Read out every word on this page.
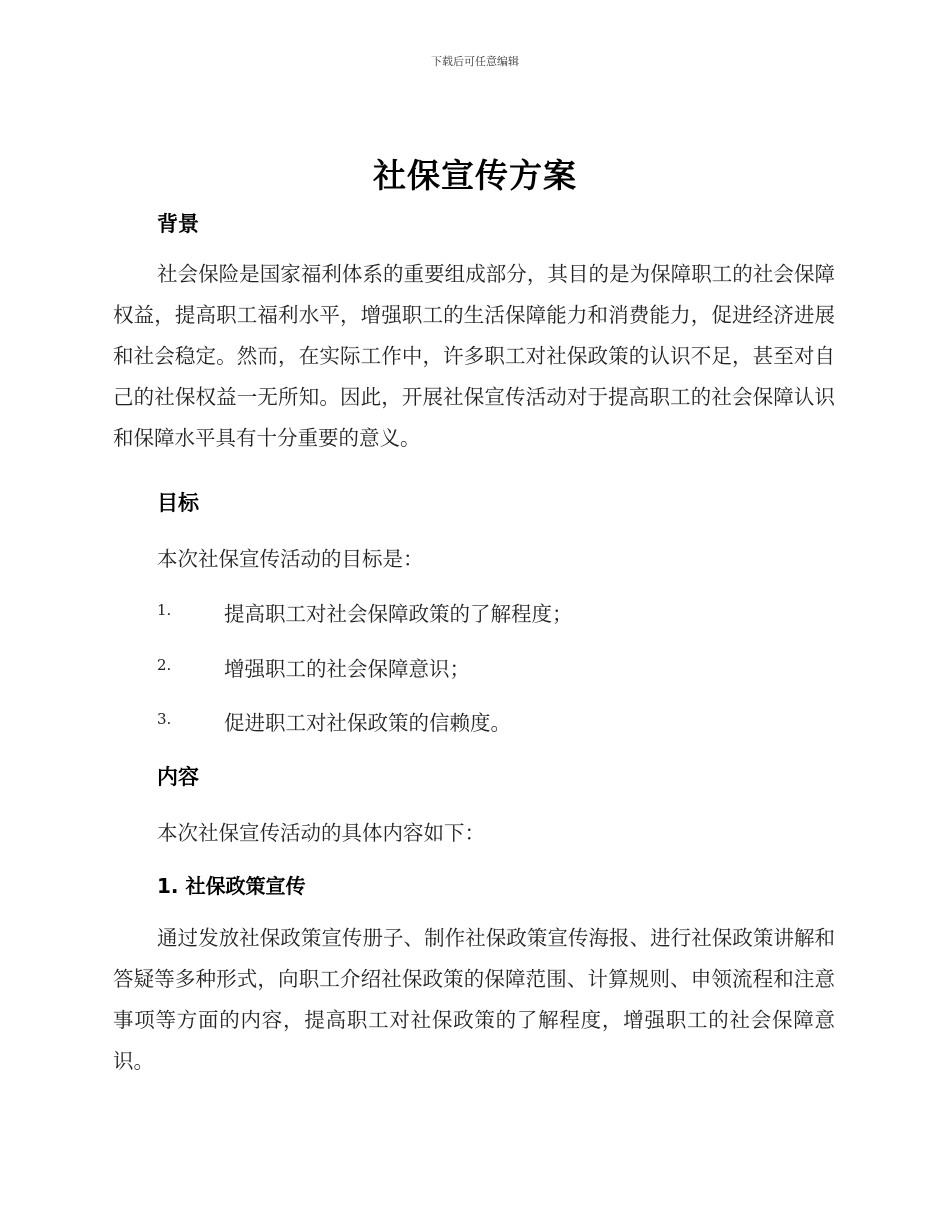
下载后可任意编辑
社保宣传方案
背景
社会保险是国家福利体系的重要组成部分，其目的是为保障职工的社会保障权益，提高职工福利水平，增强职工的生活保障能力和消费能力，促进经济进展和社会稳定。然而，在实际工作中，许多职工对社保政策的认识不足，甚至对自己的社保权益一无所知。因此，开展社保宣传活动对于提高职工的社会保障认识和保障水平具有十分重要的意义。
目标
本次社保宣传活动的目标是：
1.	提高职工对社会保障政策的了解程度；
2.	增强职工的社会保障意识；
3.	促进职工对社保政策的信赖度。
内容
本次社保宣传活动的具体内容如下：
1. 社保政策宣传
通过发放社保政策宣传册子、制作社保政策宣传海报、进行社保政策讲解和答疑等多种形式，向职工介绍社保政策的保障范围、计算规则、申领流程和注意事项等方面的内容，提高职工对社保政策的了解程度，增强职工的社会保障意识。
